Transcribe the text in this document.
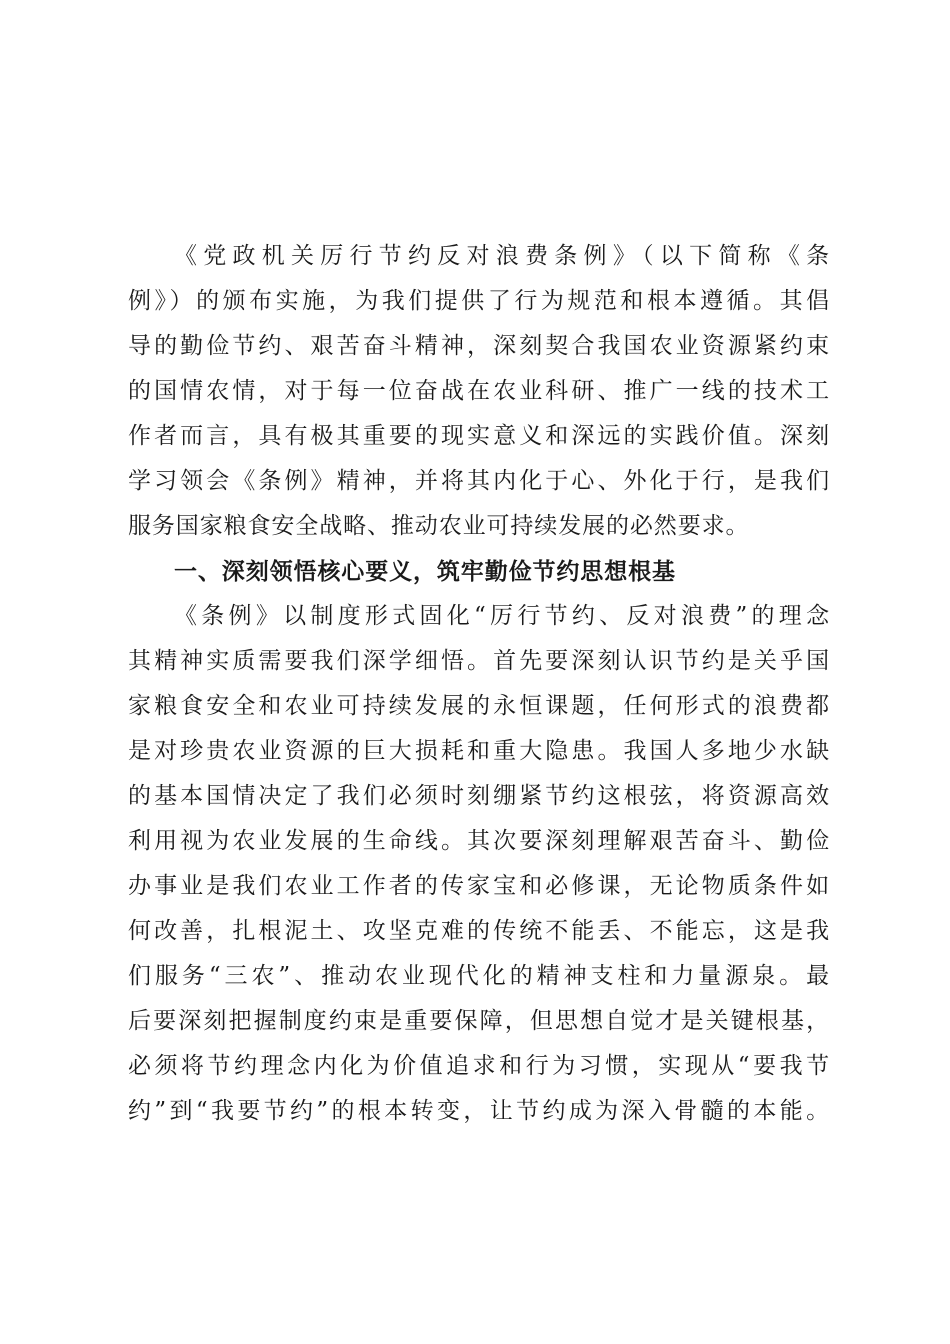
《党政机关厉行节约反对浪费条例》（以下简称《条
例》）的颁布实施，为我们提供了行为规范和根本遵循。其倡
导的勤俭节约、艰苦奋斗精神，深刻契合我国农业资源紧约束
的国情农情，对于每一位奋战在农业科研、推广一线的技术工
作者而言，具有极其重要的现实意义和深远的实践价值。深刻
学习领会《条例》精神，并将其内化于心、外化于行，是我们
服务国家粮食安全战略、推动农业可持续发展的必然要求。
一、深刻领悟核心要义，筑牢勤俭节约思想根基
《条例》以制度形式固化“厉行节约、反对浪费”的理念
其精神实质需要我们深学细悟。首先要深刻认识节约是关乎国
家粮食安全和农业可持续发展的永恒课题，任何形式的浪费都
是对珍贵农业资源的巨大损耗和重大隐患。我国人多地少水缺
的基本国情决定了我们必须时刻绷紧节约这根弦，将资源高效
利用视为农业发展的生命线。其次要深刻理解艰苦奋斗、勤俭
办事业是我们农业工作者的传家宝和必修课，无论物质条件如
何改善，扎根泥土、攻坚克难的传统不能丢、不能忘，这是我
们服务“三农”、推动农业现代化的精神支柱和力量源泉。最
后要深刻把握制度约束是重要保障，但思想自觉才是关键根基，
必须将节约理念内化为价值追求和行为习惯，实现从“要我节
约”到“我要节约”的根本转变，让节约成为深入骨髓的本能。
